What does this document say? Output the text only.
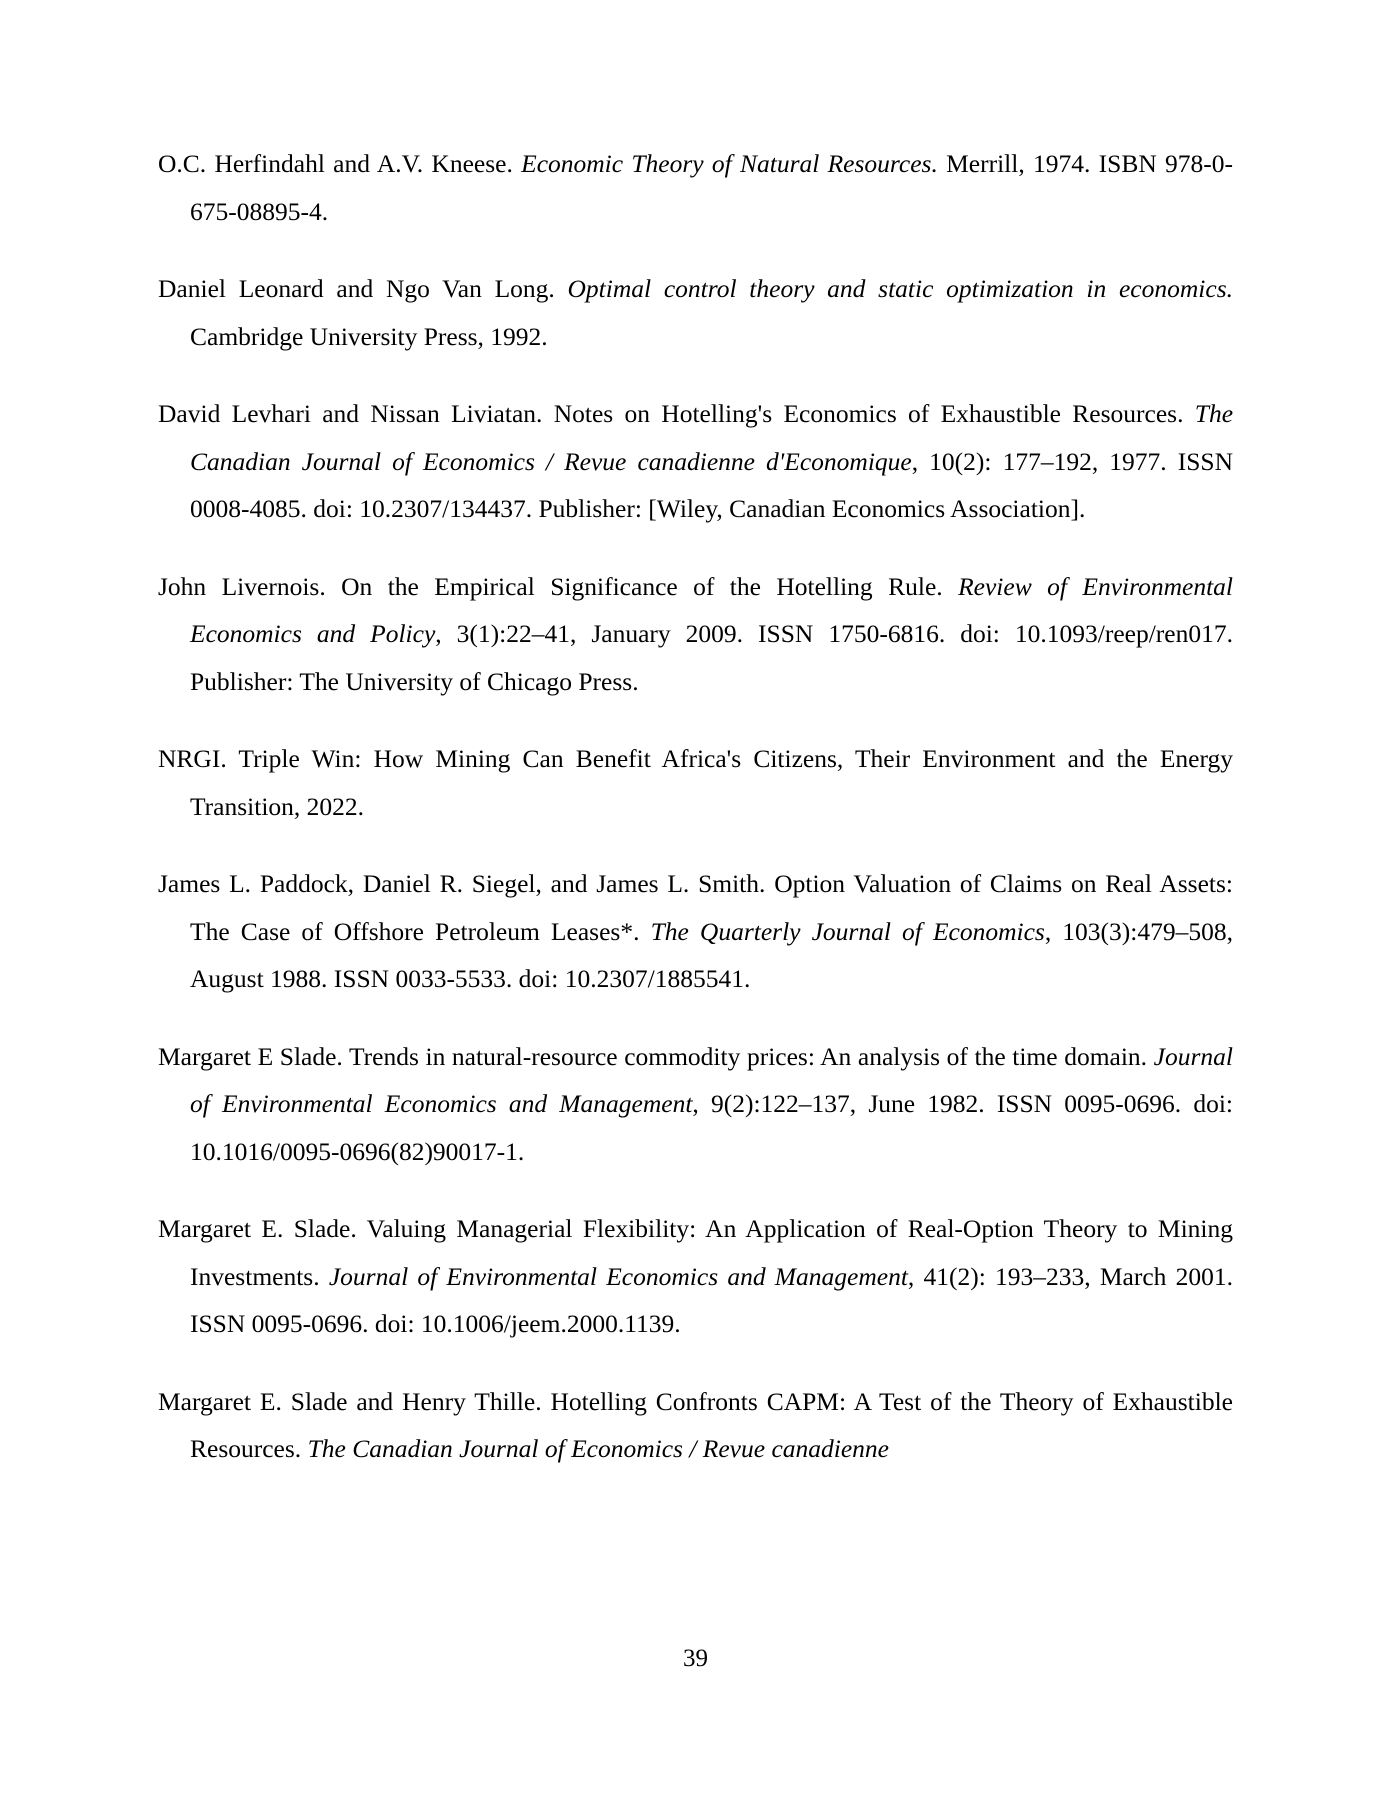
O.C. Herfindahl and A.V. Kneese. Economic Theory of Natural Resources. Merrill, 1974. ISBN 978-0-675-08895-4.

Daniel Leonard and Ngo Van Long. Optimal control theory and static optimization in economics. Cambridge University Press, 1992.

David Levhari and Nissan Liviatan. Notes on Hotelling's Economics of Exhaustible Resources. The Canadian Journal of Economics / Revue canadienne d'Economique, 10(2): 177–192, 1977. ISSN 0008-4085. doi: 10.2307/134437. Publisher: [Wiley, Canadian Economics Association].

John Livernois. On the Empirical Significance of the Hotelling Rule. Review of Environmental Economics and Policy, 3(1):22–41, January 2009. ISSN 1750-6816. doi: 10.1093/reep/ren017. Publisher: The University of Chicago Press.

NRGI. Triple Win: How Mining Can Benefit Africa's Citizens, Their Environment and the Energy Transition, 2022.

James L. Paddock, Daniel R. Siegel, and James L. Smith. Option Valuation of Claims on Real Assets: The Case of Offshore Petroleum Leases*. The Quarterly Journal of Economics, 103(3):479–508, August 1988. ISSN 0033-5533. doi: 10.2307/1885541.

Margaret E Slade. Trends in natural-resource commodity prices: An analysis of the time domain. Journal of Environmental Economics and Management, 9(2):122–137, June 1982. ISSN 0095-0696. doi: 10.1016/0095-0696(82)90017-1.

Margaret E. Slade. Valuing Managerial Flexibility: An Application of Real-Option Theory to Mining Investments. Journal of Environmental Economics and Management, 41(2): 193–233, March 2001. ISSN 0095-0696. doi: 10.1006/jeem.2000.1139.

Margaret E. Slade and Henry Thille. Hotelling Confronts CAPM: A Test of the Theory of Exhaustible Resources. The Canadian Journal of Economics / Revue canadienne

39
